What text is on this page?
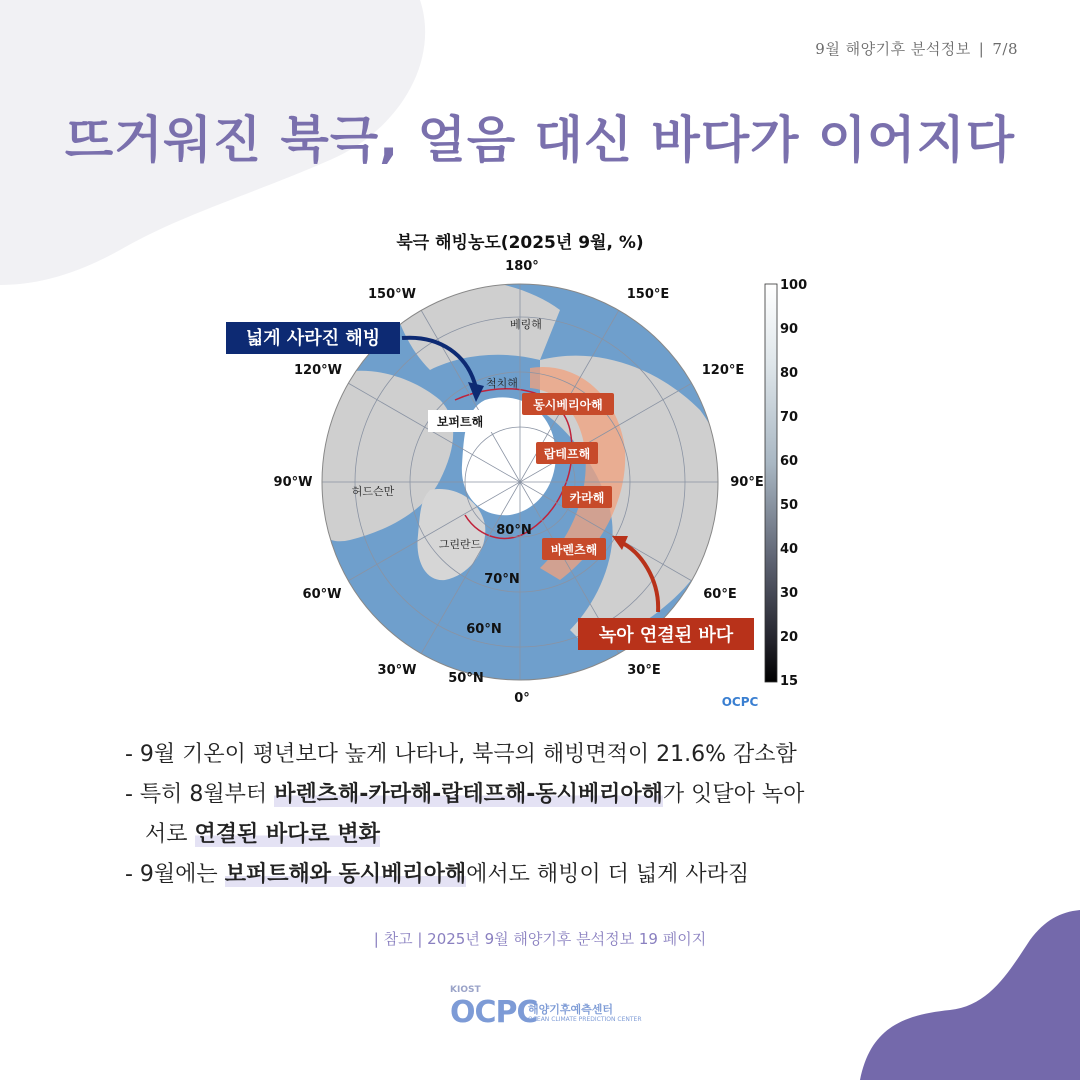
9월 해양기후 분석정보 | 7/8
뜨거워진 북극, 얼음 대신 바다가 이어지다
북극 해빙농도(2025년 9월, %)
180°
150°E
120°E
90°E
60°E
30°E
0°
30°W
60°W
90°W
120°W
150°W
80°N
70°N
60°N
50°N
베링해
척치해
허드슨만
그린란드
보퍼트해
동시베리아해
랍테프해
카라해
바렌츠해
넓게 사라진 해빙
녹아 연결된 바다
100
90
80
70
60
50
40
30
20
15
OCPC

- 9월 기온이 평년보다 높게 나타나, 북극의 해빙면적이 21.6% 감소함

- 특히 8월부터 바렌츠해-카라해-랍테프해-동시베리아해가 잇달아 녹아

서로 연결된 바다로 변화

- 9월에는 보퍼트해와 동시베리아해에서도 해빙이 더 넓게 사라짐

| 참고 | 2025년 9월 해양기후 분석정보 19 페이지
KIOST
OCPC
해양기후예측센터
OCEAN CLIMATE PREDICTION CENTER
